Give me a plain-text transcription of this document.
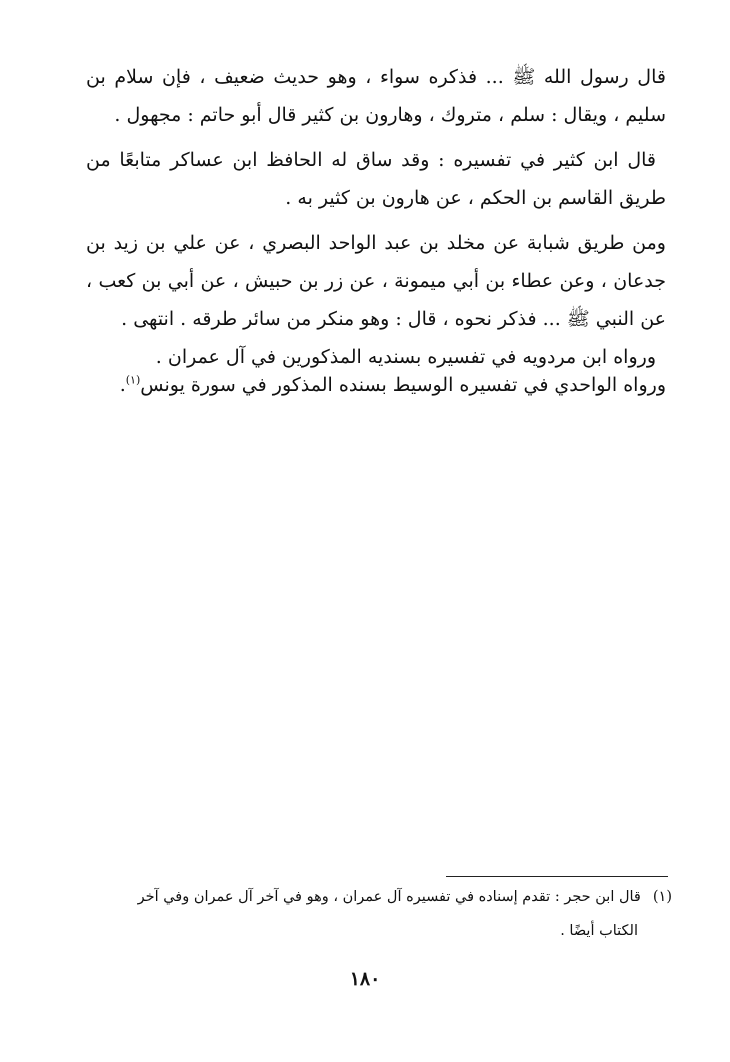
قال رسول الله ﷺ ... فذكره سواء ، وهو حديث ضعيف ، فإن سلام بن سليم ، ويقال : سلم ، متروك ، وهارون بن كثير قال أبو حاتم : مجهول .

قال ابن كثير في تفسيره : وقد ساق له الحافظ ابن عساكر متابعًا من طريق القاسم بن الحكم ، عن هارون بن كثير به .

ومن طريق شبابة عن مخلد بن عبد الواحد البصري ، عن علي بن زيد بن جدعان ، وعن عطاء بن أبي ميمونة ، عن زر بن حبيش ، عن أبي بن كعب ، عن النبي ﷺ ... فذكر نحوه ، قال : وهو منكر من سائر طرقه . انتهى .

ورواه ابن مردويه في تفسيره بسنديه المذكورين في آل عمران .

ورواه الواحدي في تفسيره الوسيط بسنده المذكور في سورة يونس$^{(١)}$.

(١)قال ابن حجر : تقدم إسناده في تفسيره آل عمران ، وهو في آخر آل عمران وفي آخر
الكتاب أيضًا .
١٨٠
